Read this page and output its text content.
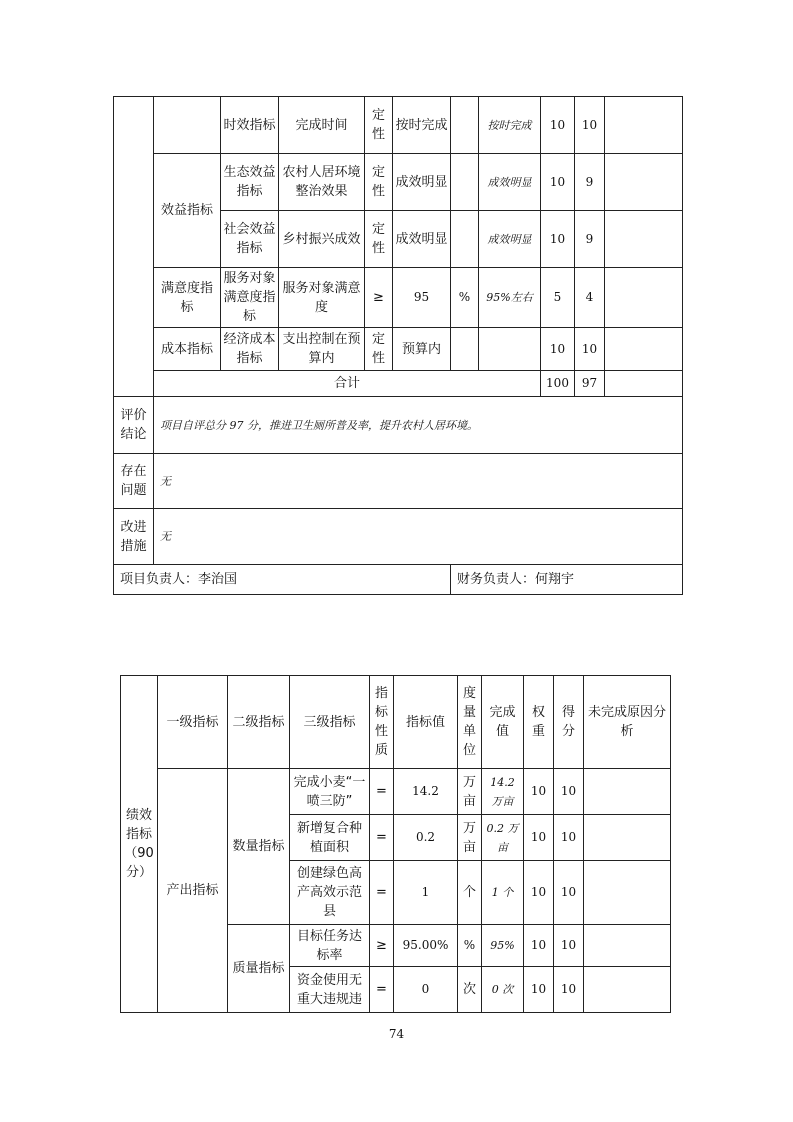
		时效指标	完成时间	定性	按时完成		按时完成	10	10	
	效益指标	生态效益指标	农村人居环境整治效果	定性	成效明显		成效明显	10	9	
		社会效益指标	乡村振兴成效	定性	成效明显		成效明显	10	9	
	满意度指标	服务对象满意度指标	服务对象满意度	≥	95	%	95%左右	5	4	
	成本指标	经济成本指标	支出控制在预算内	定性	预算内			10	10	
	合计							100	97	
评价结论	项目自评总分 97 分，推进卫生厕所普及率，提升农村人居环境。									
存在问题	无									
改进措施	无									
项目负责人：李治国						财务负责人：何翔宇				
绩效指标（90分）	一级指标	二级指标	三级指标	指标性质	指标值	度量单位	完成值	权重	得分	未完成原因分析
	产出指标	数量指标	完成小麦“一喷三防”	=	14.2	万亩	14.2 万亩	10	10	
			新增复合种植面积	=	0.2	万亩	0.2 万亩	10	10	
			创建绿色高产高效示范县	=	1	个	1 个	10	10	
		质量指标	目标任务达标率	≥	95.00%	%	95%	10	10	
			资金使用无重大违规违	=	0	次	0 次	10	10	
74
